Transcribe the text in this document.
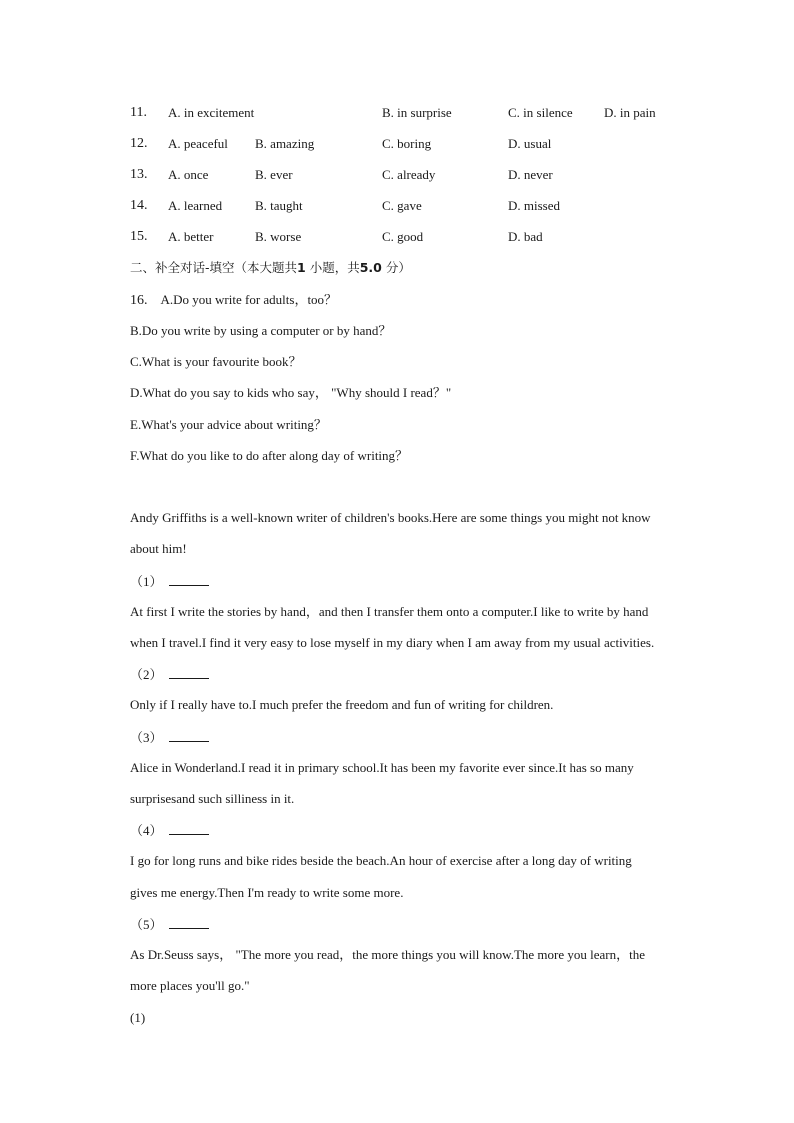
11. A. in excitement	B. in surprise	C. in silence D. in pain
12. A. peaceful B. amazing	C. boring	D. usual
13. A. once	B. ever	C. already	D. never
14. A. learned	B. taught	C. gave	D. missed
15. A. better	B. worse	C. good	D. bad
二、补全对话-填空（本大题共1 小题，共5.0 分）
16. A.Do you write for adults，too？
B.Do you write by using a computer or by hand？
C.What is your favourite book？
D.What do you say to kids who say， "Why should I read？"
E.What's your advice about writing？
F.What do you like to do after along day of writing？
Andy Griffiths is a well-known writer of children's books.Here are some things you might not know
about him!
（1）
At first I write the stories by hand，and then I transfer them onto a computer.I like to write by hand
when I travel.I find it very easy to lose myself in my diary when I am away from my usual activities.
（2）
Only if I really have to.I much prefer the freedom and fun of writing for children.
（3）
Alice in Wonderland.I read it in primary school.It has been my favorite ever since.It has so many
surprisesand such silliness in it.
（4）
I go for long runs and bike rides beside the beach.An hour of exercise after a long day of writing
gives me energy.Then I'm ready to write some more.
（5）
As Dr.Seuss says， "The more you read，the more things you will know.The more you learn，the
more places you'll go."
(1)
